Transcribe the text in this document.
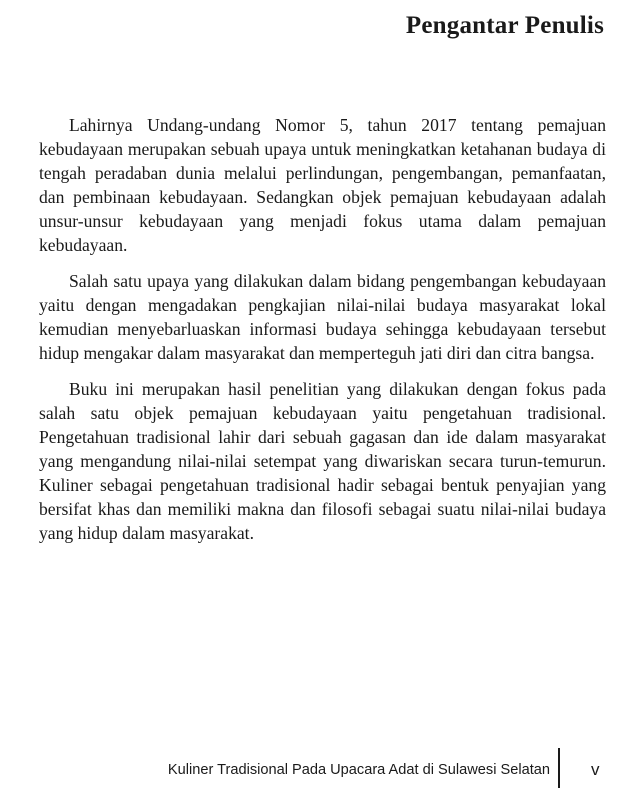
Pengantar Penulis

Lahirnya Undang-undang Nomor 5, tahun 2017 tentang pemajuan kebudayaan merupakan sebuah upaya untuk meningkatkan ketahanan budaya di tengah peradaban dunia melalui perlindungan, pengembangan, pemanfaatan, dan pembinaan kebudayaan. Sedangkan objek pemajuan kebudayaan adalah unsur-unsur kebudayaan yang menjadi fokus utama dalam pemajuan kebudayaan.

Salah satu upaya yang dilakukan dalam bidang pengembangan kebudayaan yaitu dengan mengadakan pengkajian nilai-nilai budaya masyarakat lokal kemudian menyebarluaskan informasi budaya sehingga kebudayaan tersebut hidup mengakar dalam masyarakat dan memperteguh jati diri dan citra bangsa.

Buku ini merupakan hasil penelitian yang dilakukan dengan fokus pada salah satu objek pemajuan kebudayaan yaitu pengetahuan tradisional. Pengetahuan tradisional lahir dari sebuah gagasan dan ide dalam masyarakat yang mengandung nilai-nilai setempat yang diwariskan secara turun-temurun. Kuliner sebagai pengetahuan tradisional hadir sebagai bentuk penyajian yang bersifat khas dan memiliki makna dan filosofi sebagai suatu nilai-nilai budaya yang hidup dalam masyarakat.

Kuliner Tradisional Pada Upacara Adat di Sulawesi Selatan v
